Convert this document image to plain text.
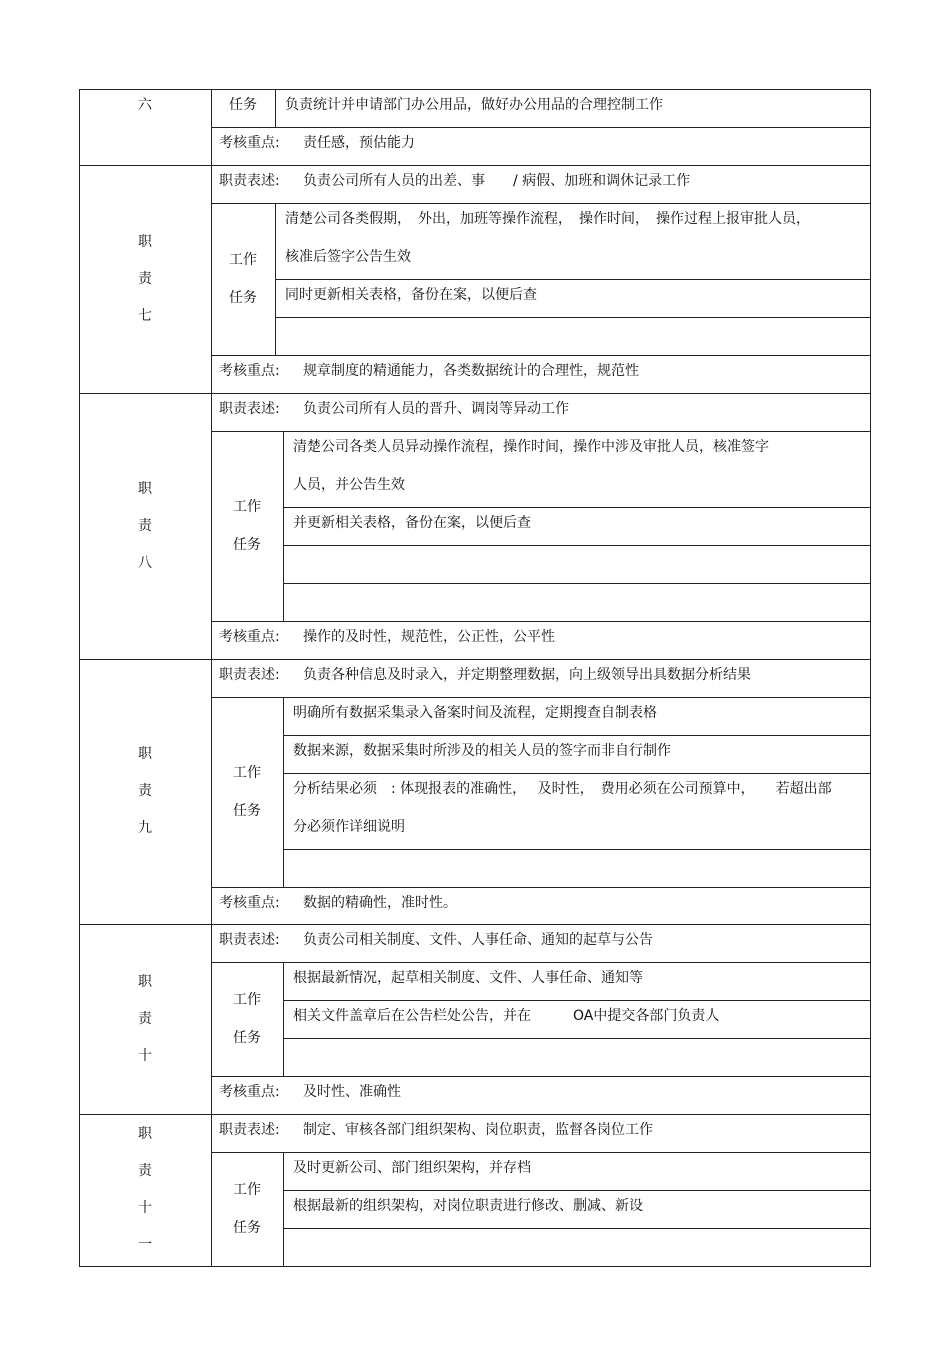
负责统计并申请部门办公用品，做好办公用品的合理控制工作
任务
考核重点: 责任感，预估能力
六
职责表述: 负责公司所有人员的出差、事　　/ 病假、加班和调休记录工作
清楚公司各类假期，　外出，加班等操作流程，　操作时间，　操作过程上报审批人员，
核准后签字公告生效
同时更新相关表格，备份在案，以便后查
工作
任务
考核重点: 规章制度的精通能力，各类数据统计的合理性，规范性
职
责
七
职责表述: 负责公司所有人员的晋升、调岗等异动工作
清楚公司各类人员异动操作流程，操作时间，操作中涉及审批人员，核准签字
人员，并公告生效
并更新相关表格，备份在案，以便后查
工作
任务
考核重点: 操作的及时性，规范性，公正性，公平性
职
责
八
职责表述: 负责各种信息及时录入，并定期整理数据，向上级领导出具数据分析结果
明确所有数据采集录入备案时间及流程，定期搜查自制表格
数据来源，数据采集时所涉及的相关人员的签字而非自行制作
分析结果必须　: 体现报表的准确性，　 及时性，　费用必须在公司预算中，　　若超出部
分必须作详细说明
工作
任务
考核重点: 数据的精确性，准时性。
职
责
九
职责表述: 负责公司相关制度、文件、人事任命、通知的起草与公告
根据最新情况，起草相关制度、文件、人事任命、通知等
相关文件盖章后在公告栏处公告，并在　　　OA中提交各部门负责人
工作
任务
考核重点: 及时性、准确性
职
责
十
职责表述: 制定、审核各部门组织架构、岗位职责，监督各岗位工作
及时更新公司、部门组织架构，并存档
根据最新的组织架构，对岗位职责进行修改、删减、新设
工作
任务
职
责
十
一
